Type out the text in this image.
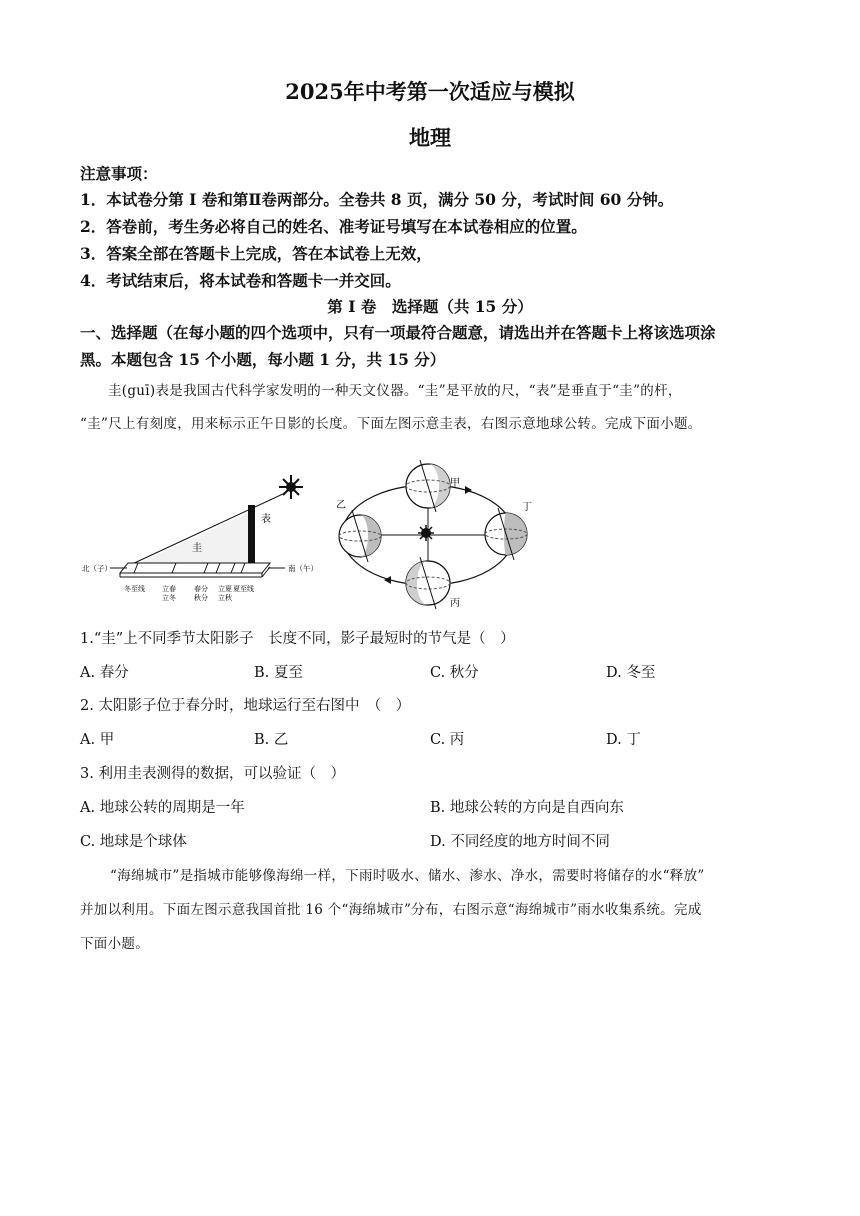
2025年中考第一次适应与模拟
地理
注意事项：
1．本试卷分第 I 卷和第Ⅱ卷两部分。全卷共 8 页，满分 50 分，考试时间 60 分钟。
2．答卷前，考生务必将自己的姓名、准考证号填写在本试卷相应的位置。
3．答案全部在答题卡上完成，答在本试卷上无效，
4．考试结束后，将本试卷和答题卡一并交回。
第 I 卷　选择题（共 15 分）
一、选择题（在每小题的四个选项中，只有一项最符合题意，请选出并在答题卡上将该选项涂
黑。本题包含 15 个小题，每小题 1 分，共 15 分）
圭(guī)表是我国古代科学家发明的一种天文仪器。“圭”是平放的尺，“表”是垂直于“圭”的杆，
“圭”尺上有刻度，用来标示正午日影的长度。下面左图示意圭表，右图示意地球公转。完成下面小题。
表
圭
北（子）	南（午）
冬至线 立春
立冬
春分
秋分
立夏
立秋
夏至线
甲
乙	丁
丙
1.“圭”上不同季节太阳影子　长度不同，影子最短时的节气是（　）
A. 春分	B. 夏至	C. 秋分	D. 冬至
2. 太阳影子位于春分时，地球运行至右图中　（　）
A. 甲	B. 乙	C. 丙	D. 丁
3. 利用圭表测得的数据，可以验证（　）
A. 地球公转的周期是一年	B. 地球公转的方向是自西向东
C. 地球是个球体	D. 不同经度的地方时间不同
“海绵城市”是指城市能够像海绵一样，下雨时吸水、储水、渗水、净水，需要时将储存的水“释放”
并加以利用。下面左图示意我国首批 16 个“海绵城市”分布，右图示意“海绵城市”雨水收集系统。完成
下面小题。
